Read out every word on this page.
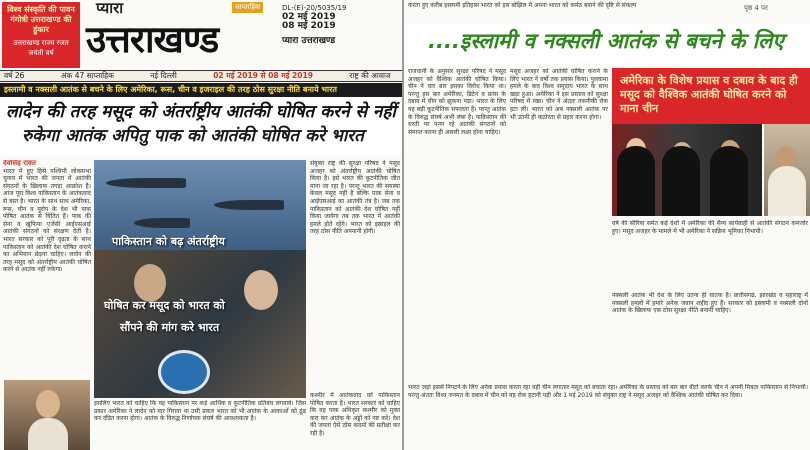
विश्व संस्कृति की पावन गंगोत्री उत्तराखण्ड की हुंकार
उत्तराखण्ड राज्य रजत जयंती वर्ष
प्यारा	साप्ताहिक
उत्तराखण्ड
DL-(E)-20/5035/19
02 मई 2019
08 मई 2019
प्यारा उत्तराखण्ड
वर्ष 26	अंक 47 साप्ताहिक	नई दिल्ली	02 मई 2019 से 08 मई 2019	राष्ट्र की आवाज
इस्लामी व नक्सली आतंक से बचने के लिए अमेरिका, रूस, चीन व इजराइल की तरह ठोस सुरक्षा नीति बनाये भारत
लादेन की तरह मसूद को अंतर्राष्ट्रीय आतंकी घोषित करने से नहीं
रुकेगा आतंक अपितु पाक को आतंकी घोषित करे भारत
देवसिंह रावत
भारत में हुए हिंसे पश्चिमी लोकसभा चुनाव में भारत की जनता में आतंकी संगठनों के खिलाफ तगड़ा आक्रोश है। आज पूरा विश्व पाकिस्तान के आतंकवाद से त्रस्त है। भारत के साथ साथ अमेरिका, रूस, चीन व यूरोप के देश भी पाक पोषित आतंक से चिंतित हैं। पाक की सेना व खुफिया एजेंसी आईएसआई आतंकी संगठनों को संरक्षण देती है। भारत सरकार को पूरी दृढ़ता के साथ पाकिस्तान को आतंकी देश घोषित कराने का अभियान छेड़ना चाहिए। लादेन की तरह मसूद को अंतर्राष्ट्रीय आतंकी घोषित करने से आतंक नहीं रुकेगा।
पाकिस्तान को बढ़ अंतर्राष्ट्रीय
घोषित कर मसूद को भारत को
सौंपने की मांग करे भारत
इसलिए भारत को चाहिए कि वह पाकिस्तान पर कड़े आर्थिक व कूटनीतिक प्रतिबंध लगवाये। जिस प्रकार अमेरिका ने लादेन को मार गिराया था उसी प्रकार भारत को भी आतंक के आकाओं को ढूंढ कर दंडित करना होगा। आतंक के विरुद्ध निर्णायक संघर्ष की आवश्यकता है।
संयुक्त राष्ट्र की सुरक्षा परिषद ने मसूद अजहर को अंतर्राष्ट्रीय आतंकी घोषित किया है। इसे भारत की कूटनीतिक जीत माना जा रहा है। परन्तु भारत की समस्या केवल मसूद नहीं है बल्कि पाक सेना व आईएसआई का आतंकी तंत्र है। जब तक पाकिस्तान को आतंकी देश घोषित नहीं किया जायेगा तब तक भारत में आतंकी हमले होते रहेंगे। भारत को इस्राइल की तरह ठोस नीति अपनानी होगी।
कश्मीर में आतंकवाद को पाकिस्तान पोषित करता है। भारत सरकार को चाहिए कि वह पाक अधिकृत कश्मीर को मुक्त करा कर आतंक के अड्डों को नष्ट करे। देश की जनता ऐसे ठोस कदमों की प्रतीक्षा कर रही है।
करता हुए करीब इस्लामी इतिहास भारत को इस बोझिल में अपना भारत को कर्मठ बनाने की दृष्टि से संकल्प	पृष्ठ 4 पर
....इस्लामी व नक्सली आतंक से बचने के लिए
राजधानी के अनुसार सुरक्षा परिषद ने मसूद अजहर को वैश्विक आतंकी घोषित किया। चीन ने चार बार इसका विरोध किया था। परन्तु इस बार अमेरिका, ब्रिटेन व फ्रांस के दबाव में चीन को झुकना पड़ा। भारत के लिए यह बड़ी कूटनीतिक सफलता है। परन्तु आतंक के विरुद्ध संघर्ष अभी लंबा है। पाकिस्तान की धरती पर पनप रहे आतंकी संगठनों को समाप्त करना ही असली लक्ष्य होना चाहिए।
मसूद अजहर को आतंकी घोषित कराने के लिए भारत ने वर्षों तक प्रयास किया। पुलवामा हमले के बाद विश्व समुदाय भारत के साथ खड़ा हुआ। अमेरिका ने इस प्रस्ताव को सुरक्षा परिषद में रखा। चीन ने अंततः तकनीकी रोक हटा ली। भारत को अब नक्सली आतंक पर भी उतनी ही कठोरता से प्रहार करना होगा।
अमेरिका के विशेष प्रयास व दबाव के बाद ही मसूद को वैश्विक आतंकी घोषित करने को माना चीन
वर्ष की सीरिया समेत कई देशों में अमेरिका की सैन्य कार्यवाही से आतंकी संगठन कमजोर हुए। मसूद अजहर के मामले में भी अमेरिका ने सक्रिय भूमिका निभायी।
नक्सली आतंक भी देश के लिए उतना ही घातक है। छत्तीसगढ़, झारखंड व महाराष्ट्र में नक्सली हमलों में हमारे अनेक जवान शहीद हुए हैं। सरकार को इस्लामी व नक्सली दोनों आतंक के खिलाफ एक ठोस सुरक्षा नीति बनानी चाहिए।
भारत जहां इससे निपटने के लिए अनेक प्रयास करता रहा वहीं चीन लगातार मसूद को बचाता रहा। अमेरिका के प्रस्ताव को बार बार वीटो करके चीन ने अपनी मित्रता पाकिस्तान से निभायी। परन्तु अंततः विश्व जनमत के दबाव में चीन को यह रोक हटानी पड़ी और 1 मई 2019 को संयुक्त राष्ट्र ने मसूद अजहर को वैश्विक आतंकी घोषित कर दिया।
